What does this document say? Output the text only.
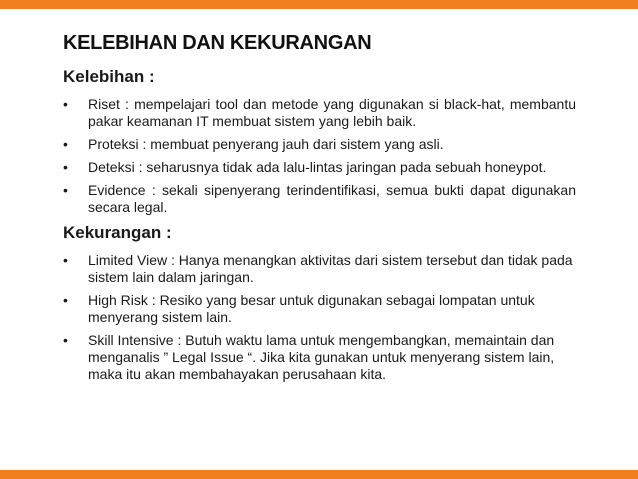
KELEBIHAN DAN KEKURANGAN
Kelebihan :
• Riset : mempelajari tool dan metode yang digunakan si black-hat, membantu pakar keamanan IT membuat sistem yang lebih baik.
• Proteksi : membuat penyerang jauh dari sistem yang asli.
• Deteksi : seharusnya tidak ada lalu-lintas jaringan pada sebuah honeypot.
• Evidence : sekali sipenyerang terindentifikasi, semua bukti dapat digunakan secara legal.
Kekurangan :
• Limited View : Hanya menangkan aktivitas dari sistem tersebut dan tidak pada sistem lain dalam jaringan.
• High Risk : Resiko yang besar untuk digunakan sebagai lompatan untuk menyerang sistem lain.
• Skill Intensive : Butuh waktu lama untuk mengembangkan, memaintain dan menganalis ” Legal Issue “. Jika kita gunakan untuk menyerang sistem lain, maka itu akan membahayakan perusahaan kita.
